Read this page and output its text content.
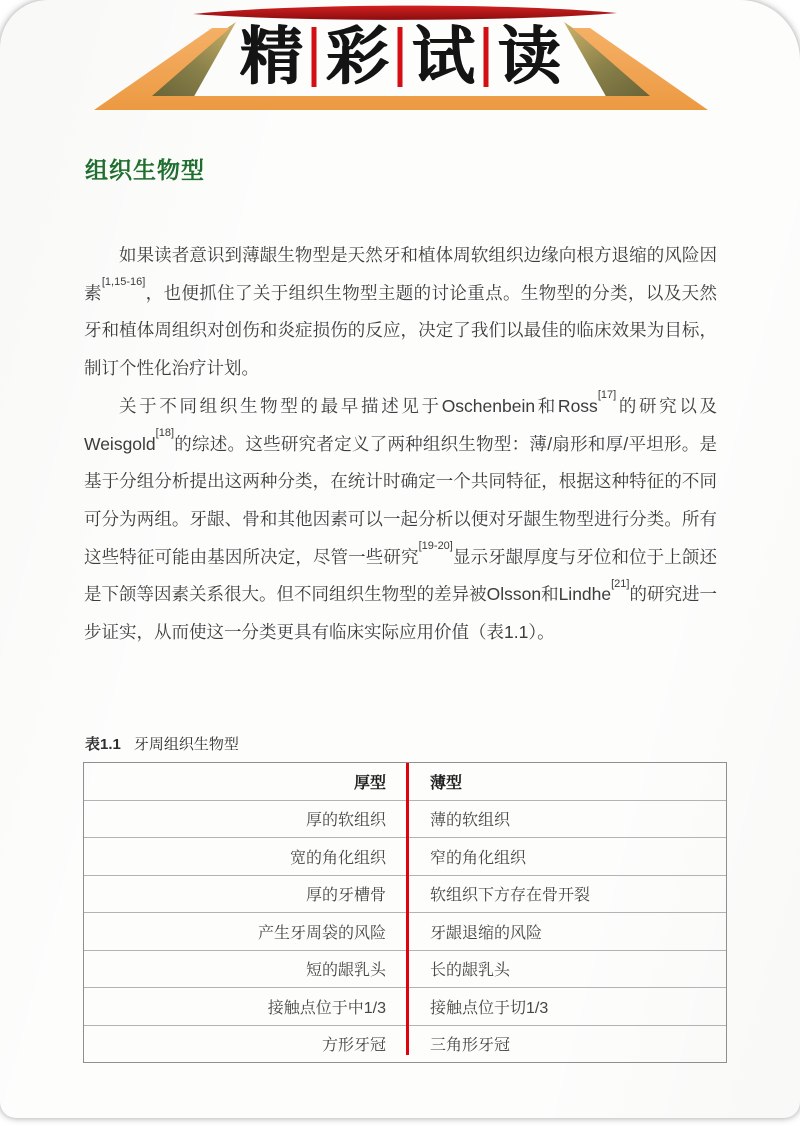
精 彩 试 读
组织生物型

如果读者意识到薄龈生物型是天然牙和植体周软组织边缘向根方退缩的风险因素[1,15-16]，也便抓住了关于组织生物型主题的讨论重点。生物型的分类，以及天然牙和植体周组织对创伤和炎症损伤的反应，决定了我们以最佳的临床效果为目标，制订个性化治疗计划。

关于不同组织生物型的最早描述见于Oschenbein和Ross[17]的研究以及Weisgold[18]的综述。这些研究者定义了两种组织生物型：薄/扇形和厚/平坦形。是基于分组分析提出这两种分类，在统计时确定一个共同特征，根据这种特征的不同可分为两组。牙龈、骨和其他因素可以一起分析以便对牙龈生物型进行分类。所有这些特征可能由基因所决定，尽管一些研究[19-20]显示牙龈厚度与牙位和位于上颌还是下颌等因素关系很大。但不同组织生物型的差异被Olsson和Lindhe[21]的研究进一步证实，从而使这一分类更具有临床实际应用价值（表1.1）。

表1.1 牙周组织生物型
厚型	薄型
厚的软组织	薄的软组织
宽的角化组织	窄的角化组织
厚的牙槽骨	软组织下方存在骨开裂
产生牙周袋的风险	牙龈退缩的风险
短的龈乳头	长的龈乳头
接触点位于中1/3	接触点位于切1/3
方形牙冠	三角形牙冠
